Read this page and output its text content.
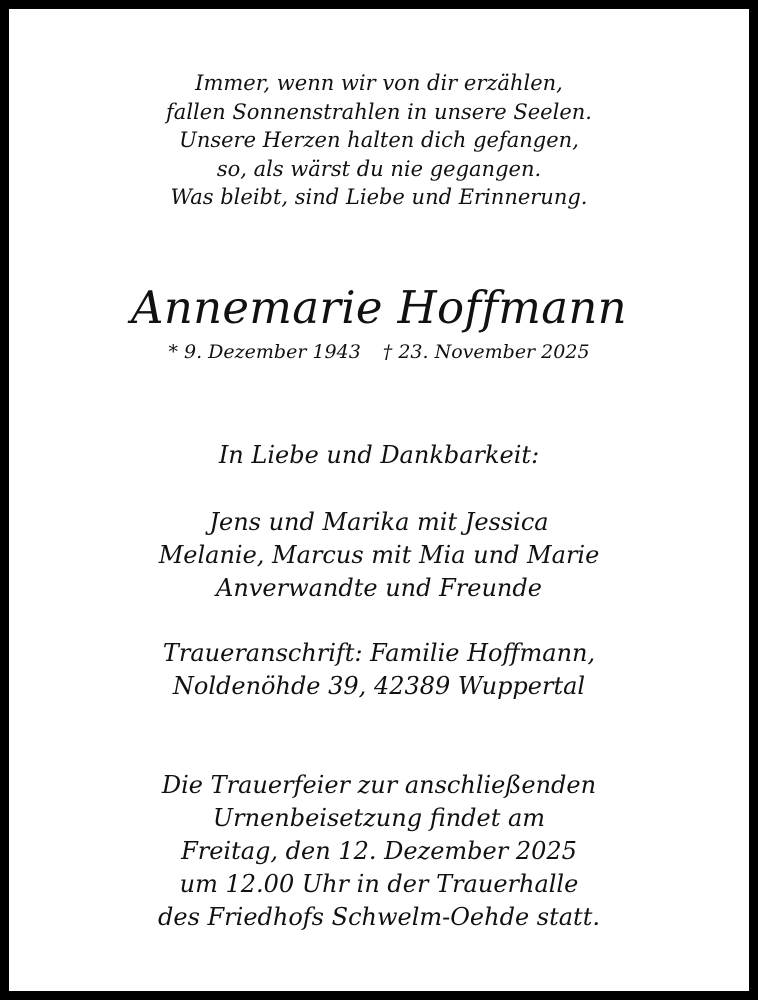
Immer, wenn wir von dir erzählen,
fallen Sonnenstrahlen in unsere Seelen.
Unsere Herzen halten dich gefangen,
so, als wärst du nie gegangen.
Was bleibt, sind Liebe und Erinnerung.
Annemarie Hoffmann
* 9. Dezember 1943 † 23. November 2025
In Liebe und Dankbarkeit:
Jens und Marika mit Jessica
Melanie, Marcus mit Mia und Marie
Anverwandte und Freunde
Traueranschrift: Familie Hoffmann,
Noldenöhde 39, 42389 Wuppertal
Die Trauerfeier zur anschließenden
Urnenbeisetzung findet am
Freitag, den 12. Dezember 2025
um 12.00 Uhr in der Trauerhalle
des Friedhofs Schwelm-Oehde statt.
